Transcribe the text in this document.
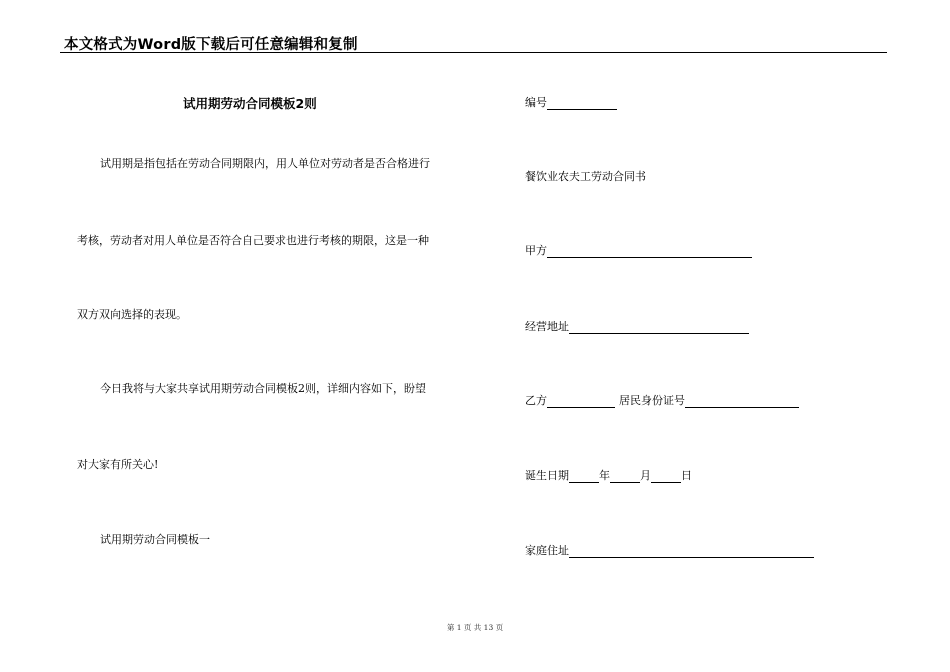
本文格式为Word版下载后可任意编辑和复制
试用期劳动合同模板2则
试用期是指包括在劳动合同期限内，用人单位对劳动者是否合格进行
考核，劳动者对用人单位是否符合自己要求也进行考核的期限，这是一种
双方双向选择的表现。
今日我将与大家共享试用期劳动合同模板2则，详细内容如下，盼望
对大家有所关心!
试用期劳动合同模板一
编号
餐饮业农夫工劳动合同书
甲方
经营地址
乙方	居民身份证号
诞生日期	年	月	日
家庭住址
第 1 页 共 13 页
